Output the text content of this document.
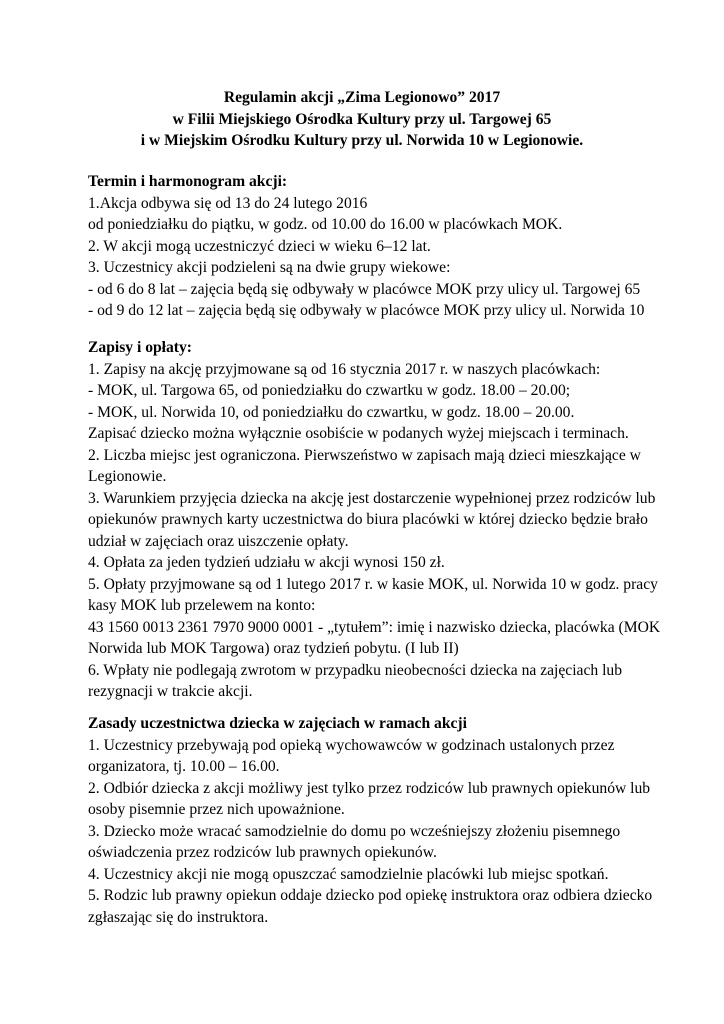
Regulamin akcji „Zima Legionowo” 2017
w Filii Miejskiego Ośrodka Kultury przy ul. Targowej 65
i w Miejskim Ośrodku Kultury przy ul. Norwida 10 w Legionowie.
Termin i harmonogram akcji:
1.Akcja odbywa się od 13 do 24 lutego 2016
od poniedziałku do piątku, w godz. od 10.00 do 16.00 w placówkach MOK.
2. W akcji mogą uczestniczyć dzieci w wieku 6–12 lat.
3. Uczestnicy akcji podzieleni są na dwie grupy wiekowe:
- od 6 do 8 lat – zajęcia będą się odbywały w placówce MOK przy ulicy ul. Targowej 65
- od 9 do 12 lat – zajęcia będą się odbywały w placówce MOK przy ulicy ul. Norwida 10
Zapisy i opłaty:
1. Zapisy na akcję przyjmowane są od 16 stycznia 2017 r. w naszych placówkach:
- MOK, ul. Targowa 65, od poniedziałku do czwartku w godz. 18.00 – 20.00;
- MOK, ul. Norwida 10, od poniedziałku do czwartku, w godz. 18.00 – 20.00.
Zapisać dziecko można wyłącznie osobiście w podanych wyżej miejscach i terminach.
2. Liczba miejsc jest ograniczona. Pierwszeństwo w zapisach mają dzieci mieszkające w
Legionowie.
3. Warunkiem przyjęcia dziecka na akcję jest dostarczenie wypełnionej przez rodziców lub
opiekunów prawnych karty uczestnictwa do biura placówki w której dziecko będzie brało
udział w zajęciach oraz uiszczenie opłaty.
4. Opłata za jeden tydzień udziału w akcji wynosi 150 zł.
5. Opłaty przyjmowane są od 1 lutego 2017 r. w kasie MOK, ul. Norwida 10 w godz. pracy
kasy MOK lub przelewem na konto:
43 1560 0013 2361 7970 9000 0001 - „tytułem”: imię i nazwisko dziecka, placówka (MOK
Norwida lub MOK Targowa) oraz tydzień pobytu. (I lub II)
6. Wpłaty nie podlegają zwrotom w przypadku nieobecności dziecka na zajęciach lub
rezygnacji w trakcie akcji.
Zasady uczestnictwa dziecka w zajęciach w ramach akcji
1. Uczestnicy przebywają pod opieką wychowawców w godzinach ustalonych przez
organizatora, tj. 10.00 – 16.00.
2. Odbiór dziecka z akcji możliwy jest tylko przez rodziców lub prawnych opiekunów lub
osoby pisemnie przez nich upoważnione.
3. Dziecko może wracać samodzielnie do domu po wcześniejszy złożeniu pisemnego
oświadczenia przez rodziców lub prawnych opiekunów.
4. Uczestnicy akcji nie mogą opuszczać samodzielnie placówki lub miejsc spotkań.
5. Rodzic lub prawny opiekun oddaje dziecko pod opiekę instruktora oraz odbiera dziecko
zgłaszając się do instruktora.
